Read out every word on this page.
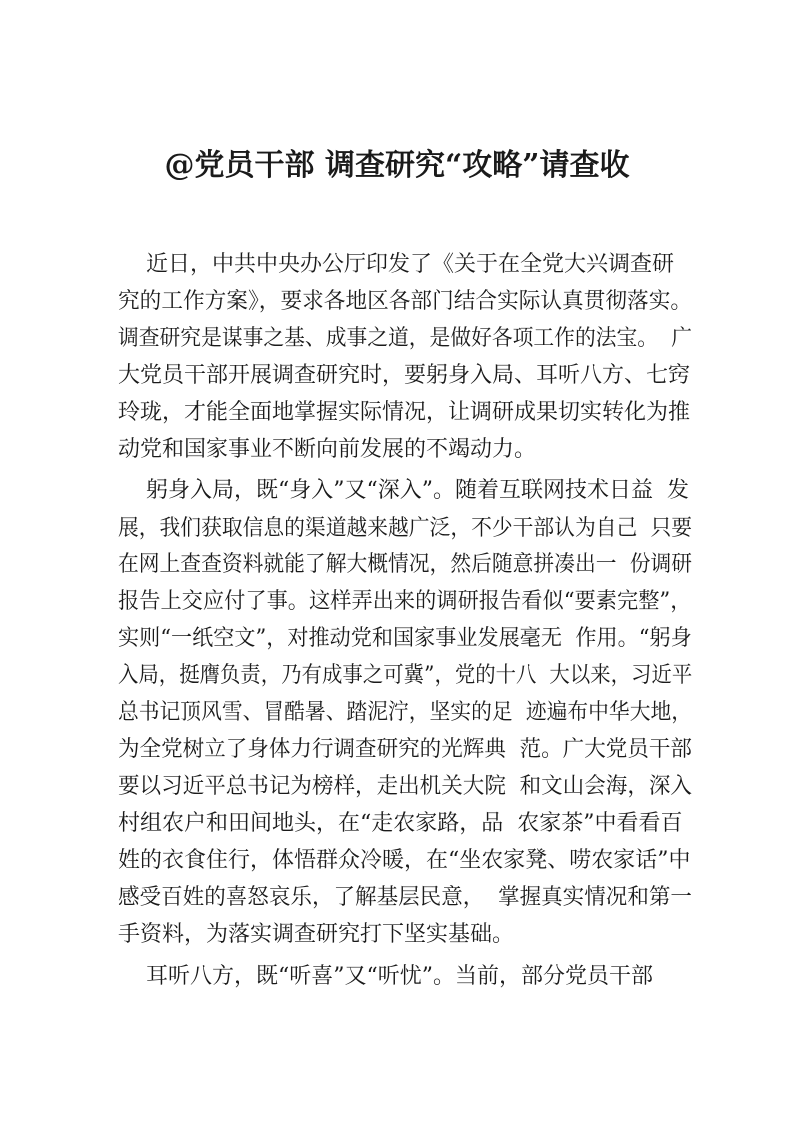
@党员干部 调查研究“攻略”请查收
近日，中共中央办公厅印发了《关于在全党大兴调查研
究的工作方案》，要求各地区各部门结合实际认真贯彻落实。
调查研究是谋事之基、成事之道，是做好各项工作的法宝。  广
大党员干部开展调查研究时，要躬身入局、耳听八方、七窍
玲珑，才能全面地掌握实际情况，让调研成果切实转化为推
动党和国家事业不断向前发展的不竭动力。
躬身入局，既“身入”又“深入”。随着互联网技术日益  发
展，我们获取信息的渠道越来越广泛，不少干部认为自己  只要
在网上查查资料就能了解大概情况，然后随意拼凑出一  份调研
报告上交应付了事。这样弄出来的调研报告看似“要素完整”，
实则“一纸空文”，对推动党和国家事业发展毫无  作用。“躬身
入局，挺膺负责，乃有成事之可冀”，党的十八  大以来，习近平
总书记顶风雪、冒酷暑、踏泥泞，坚实的足  迹遍布中华大地，
为全党树立了身体力行调查研究的光辉典  范。广大党员干部
要以习近平总书记为榜样，走出机关大院  和文山会海，深入
村组农户和田间地头，在“走农家路，品  农家茶”中看看百
姓的衣食住行，体悟群众冷暖，在“坐农家凳、唠农家话”中
感受百姓的喜怒哀乐，了解基层民意，  掌握真实情况和第一
手资料，为落实调查研究打下坚实基础。
耳听八方，既“听喜”又“听忧”。当前，部分党员干部
